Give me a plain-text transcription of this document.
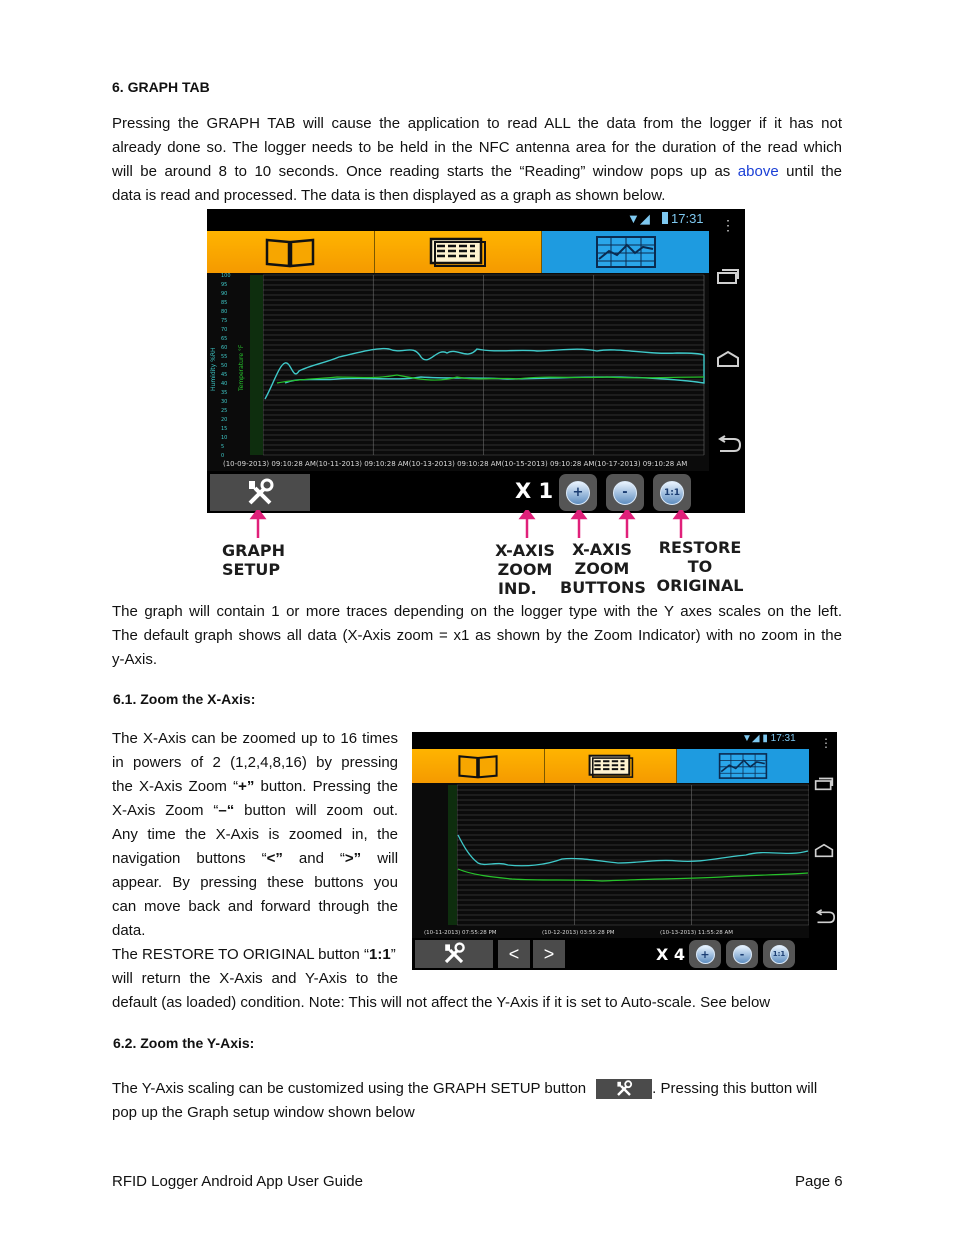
6. GRAPH TAB
Pressing the GRAPH TAB will cause the application to read ALL the data from the logger if it has not
already done so. The logger needs to be held in the NFC antenna area for the duration of the read which
will be around 8 to 10 seconds. Once reading starts the “Reading” window pops up as above until the
data is read and processed. The data is then displayed as a graph as shown below.
▼◢ 17:31 ⋮
Humidity %RH	Temperature °F
100
95
90
85
80
75
70
65
60
55
50
45
40
35
30
25
20
15
10
5
0
(10-09-2013) 09:10:28 AM(10-11-2013) 09:10:28 AM(10-13-2013) 09:10:28 AM(10-15-2013) 09:10:28 AM(10-17-2013) 09:10:28 AM
X 1	+	-	1:1
GRAPH
SETUP
X-AXIS
ZOOM
IND.
X-AXIS
ZOOM
BUTTONS
RESTORE
TO
ORIGINAL
The graph will contain 1 or more traces depending on the logger type with the Y axes scales on the left.
The default graph shows all data (X-Axis zoom = x1 as shown by the Zoom Indicator) with no zoom in the
y-Axis.
6.1. Zoom the X-Axis:
The X-Axis can be zoomed up to 16 times
in powers of 2 (1,2,4,8,16) by pressing
the X-Axis Zoom “+” button. Pressing the
X-Axis Zoom “–“ button will zoom out.
Any time the X-Axis is zoomed in, the
navigation buttons “<” and “>” will
appear. By pressing these buttons you
can move back and forward through the
data.
The RESTORE TO ORIGINAL button “1:1”
will return the X-Axis and Y-Axis to the
default (as loaded) condition. Note: This will not affect the Y-Axis if it is set to Auto-scale. See below
▼◢ ▮ 17:31 ⋮
(10-11-2013) 07:55:28 PM	(10-12-2013) 03:55:28 PM	(10-13-2013) 11:55:28 AM
< >	X 4	+	-	1:1
6.2. Zoom the Y-Axis:
The Y-Axis scaling can be customized using the GRAPH SETUP button	. Pressing this button will
pop up the Graph setup window shown below
RFID Logger Android App User Guide	Page 6
